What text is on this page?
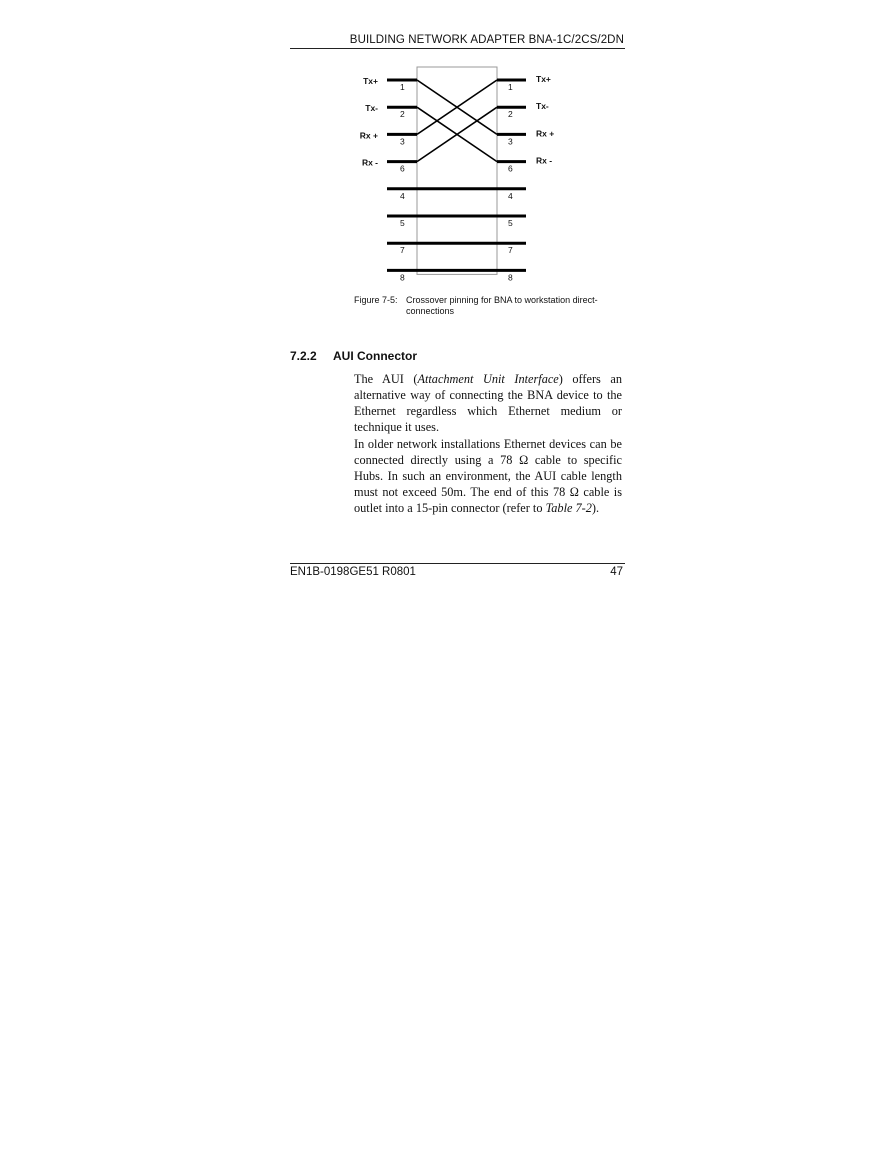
BUILDING NETWORK ADAPTER BNA-1C/2CS/2DN
1	1
2	2
3	3
6	6
4	4
5	5
7	7
8	8
Tx+
Tx-
Rx +
Rx -
Tx+
Tx-
Rx +
Rx -
Figure 7-5: Crossover pinning for BNA to workstation direct-connections
7.2.2 AUI Connector
The AUI (Attachment Unit Interface) offers an alternative way of connecting the BNA device to the Ethernet regardless which Ethernet medium or technique it uses.
In older network installations Ethernet devices can be connected directly using a 78 Ω cable to specific Hubs. In such an environment, the AUI cable length must not exceed 50m. The end of this 78 Ω cable is outlet into a 15-pin connector (refer to Table 7-2).
EN1B-0198GE51 R0801	47
